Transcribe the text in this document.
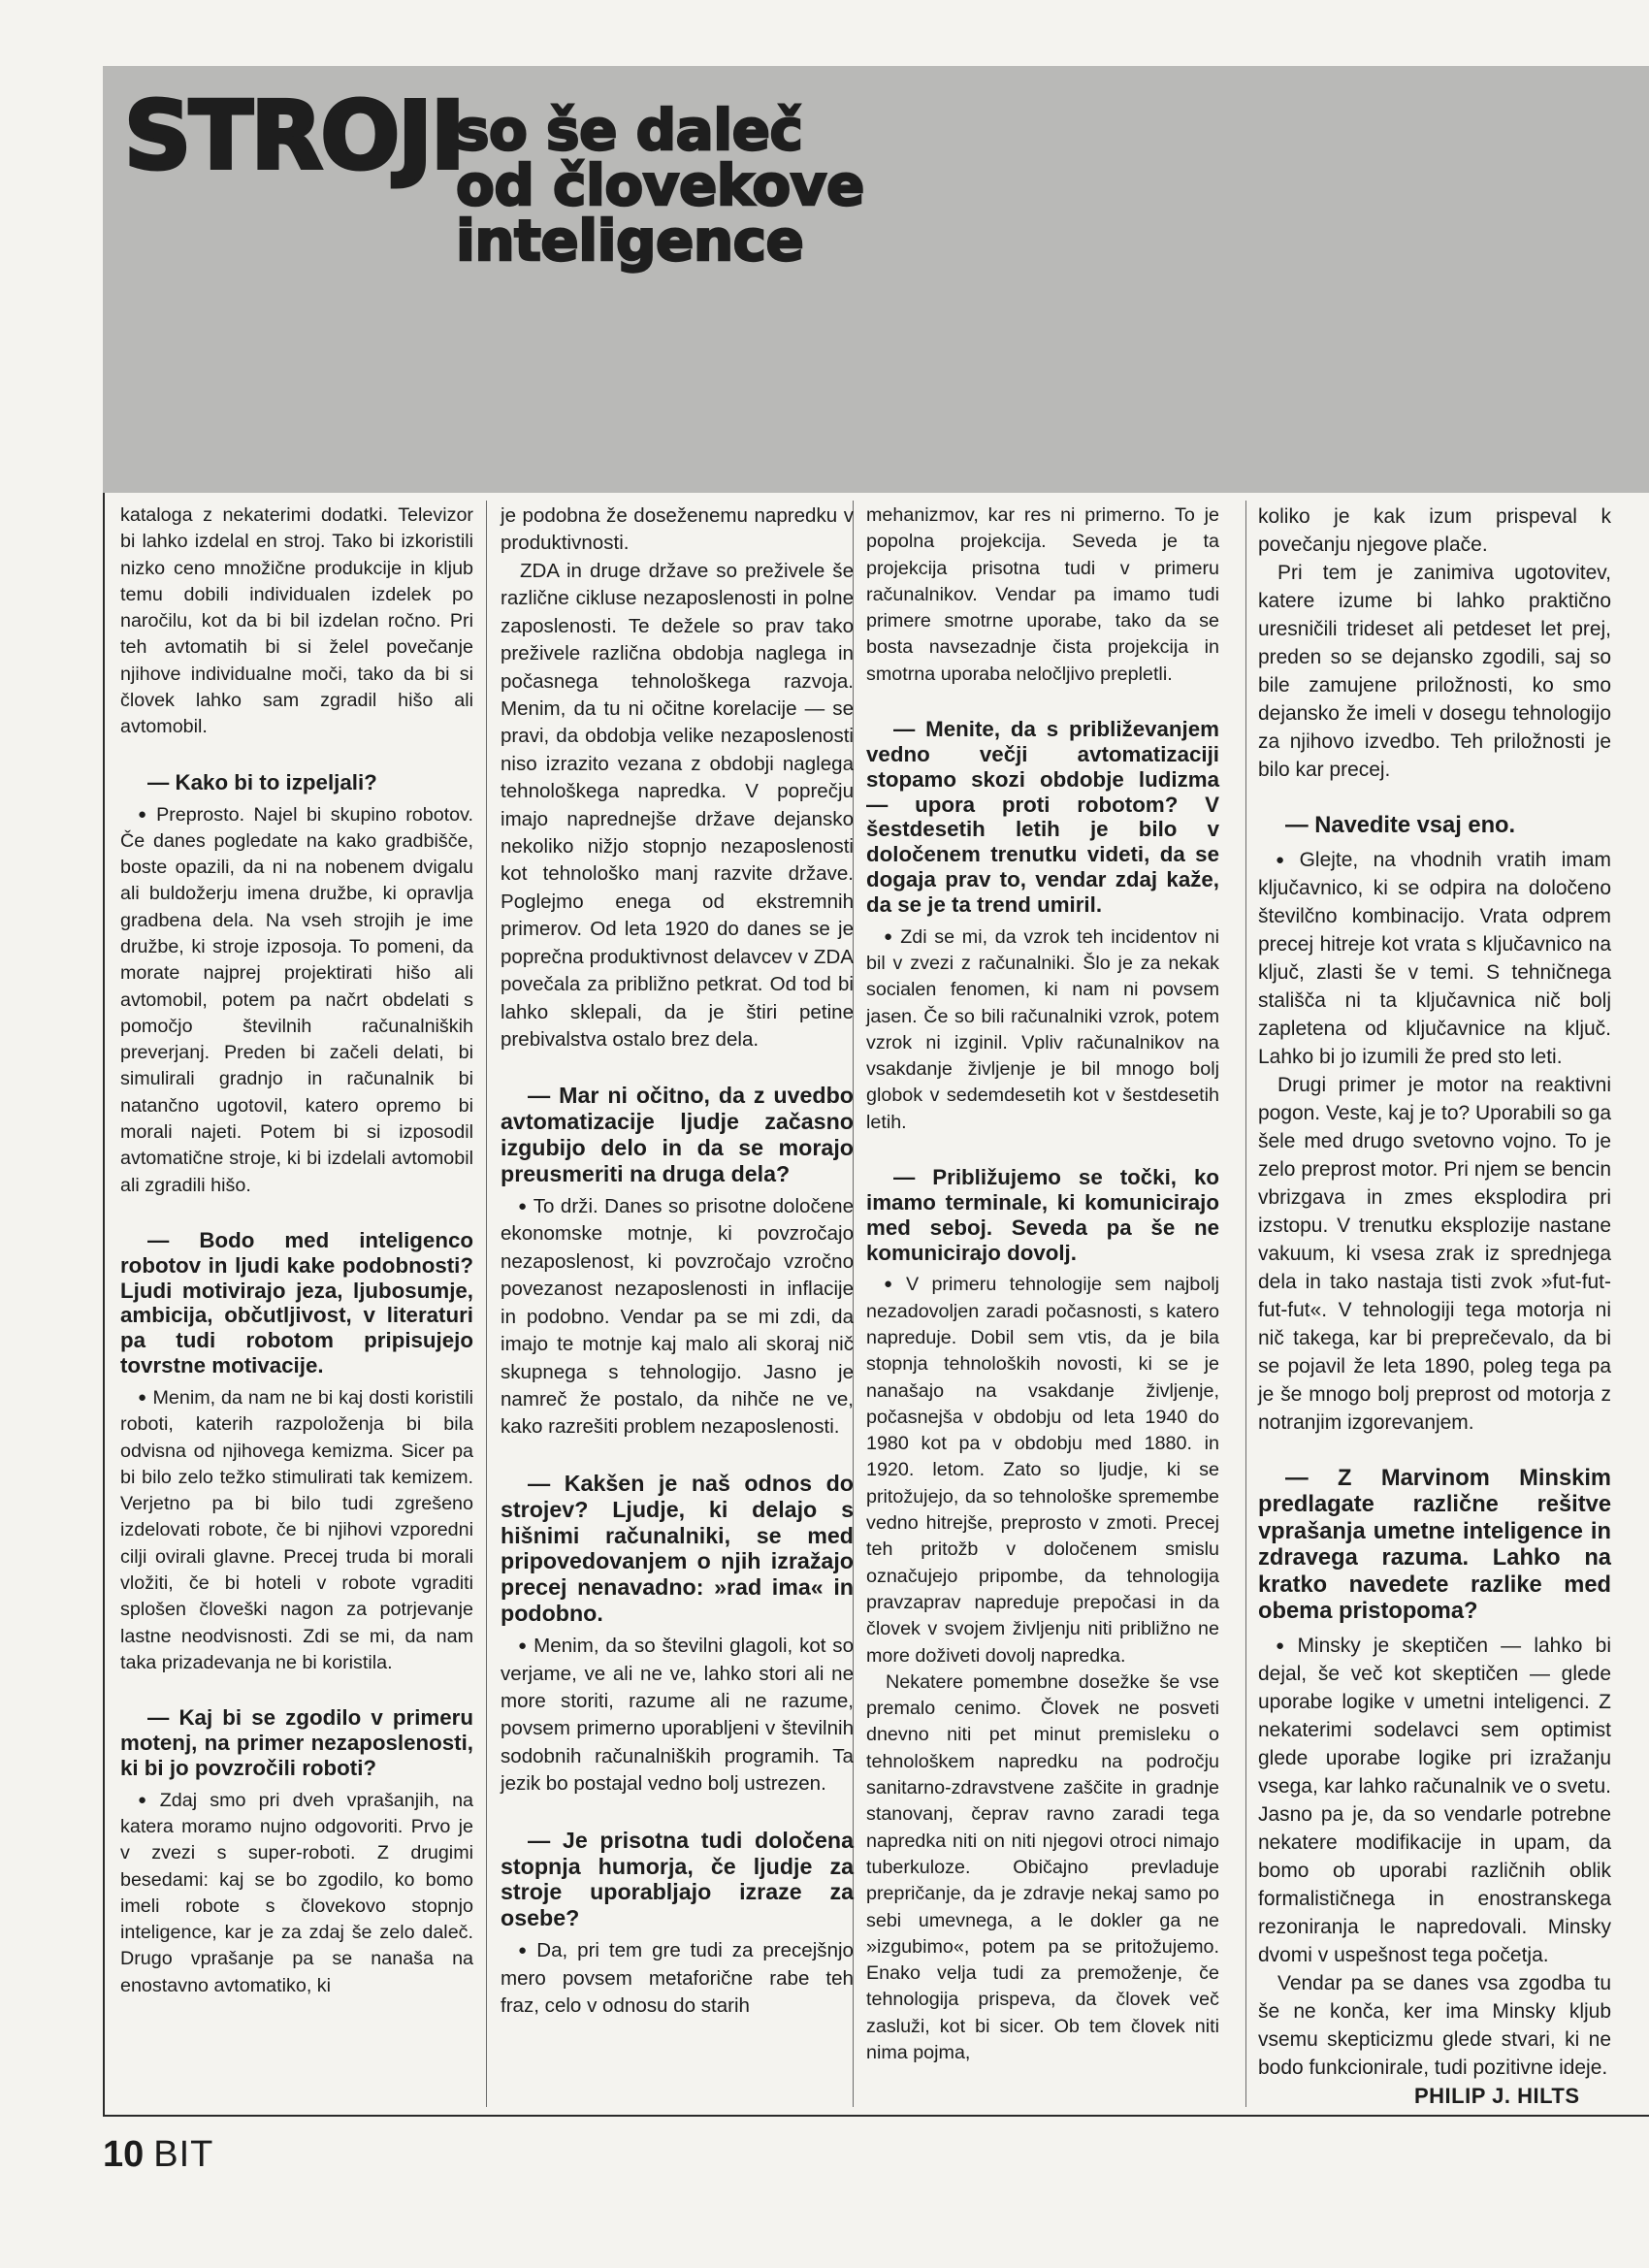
STROJI
so še daleč
od človekove
inteligence

kataloga z nekaterimi dodatki. Televizor bi lahko izdelal en stroj. Tako bi izkoristili nizko ceno množične produkcije in kljub temu dobili individualen izdelek po naročilu, kot da bi bil izdelan ročno. Pri teh avtomatih bi si želel povečanje njihove individualne moči, tako da bi si človek lahko sam zgradil hišo ali avtomobil.

— Kako bi to izpeljali?

● Preprosto. Najel bi skupino robotov. Če danes pogledate na kako gradbišče, boste opazili, da ni na nobenem dvigalu ali buldožerju imena družbe, ki opravlja gradbena dela. Na vseh strojih je ime družbe, ki stroje izposoja. To pomeni, da morate najprej projektirati hišo ali avtomobil, potem pa načrt obdelati s pomočjo številnih računalniških preverjanj. Preden bi začeli delati, bi simulirali gradnjo in računalnik bi natančno ugotovil, katero opremo bi morali najeti. Potem bi si izposodil avtomatične stroje, ki bi izdelali avtomobil ali zgradili hišo.

— Bodo med inteligenco robotov in ljudi kake podobnosti? Ljudi motivirajo jeza, ljubosumje, ambicija, občutljivost, v literaturi pa tudi robotom pripisujejo tovrstne motivacije.

● Menim, da nam ne bi kaj dosti koristili roboti, katerih razpoloženja bi bila odvisna od njihovega kemizma. Sicer pa bi bilo zelo težko stimulirati tak kemizem. Verjetno pa bi bilo tudi zgrešeno izdelovati robote, če bi njihovi vzporedni cilji ovirali glavne. Precej truda bi morali vložiti, če bi hoteli v robote vgraditi splošen človeški nagon za potrjevanje lastne neodvisnosti. Zdi se mi, da nam taka prizadevanja ne bi koristila.

— Kaj bi se zgodilo v primeru motenj, na primer nezaposlenosti, ki bi jo povzročili roboti?

● Zdaj smo pri dveh vprašanjih, na katera moramo nujno odgovoriti. Prvo je v zvezi s super-roboti. Z drugimi besedami: kaj se bo zgodilo, ko bomo imeli robote s človekovo stopnjo inteligence, kar je za zdaj še zelo daleč. Drugo vprašanje pa se nanaša na enostavno avtomatiko, ki

je podobna že doseženemu napredku v produktivnosti.

ZDA in druge države so preživele še različne cikluse nezaposlenosti in polne zaposlenosti. Te dežele so prav tako preživele različna obdobja naglega in počasnega tehnološkega razvoja. Menim, da tu ni očitne korelacije — se pravi, da obdobja velike nezaposlenosti niso izrazito vezana z obdobji naglega tehnološkega napredka. V poprečju imajo naprednejše države dejansko nekoliko nižjo stopnjo nezaposlenosti kot tehnološko manj razvite države. Poglejmo enega od ekstremnih primerov. Od leta 1920 do danes se je poprečna produktivnost delavcev v ZDA povečala za približno petkrat. Od tod bi lahko sklepali, da je štiri petine prebivalstva ostalo brez dela.

— Mar ni očitno, da z uvedbo avtomatizacije ljudje začasno izgubijo delo in da se morajo preusmeriti na druga dela?

● To drži. Danes so prisotne določene ekonomske motnje, ki povzročajo nezaposlenost, ki povzročajo vzročno povezanost nezaposlenosti in inflacije in podobno. Vendar pa se mi zdi, da imajo te motnje kaj malo ali skoraj nič skupnega s tehnologijo. Jasno je namreč že postalo, da nihče ne ve, kako razrešiti problem nezaposlenosti.

— Kakšen je naš odnos do strojev? Ljudje, ki delajo s hišnimi računalniki, se med pripovedovanjem o njih izražajo precej nenavadno: »rad ima« in podobno.

● Menim, da so številni glagoli, kot so verjame, ve ali ne ve, lahko stori ali ne more storiti, razume ali ne razume, povsem primerno uporabljeni v številnih sodobnih računalniških programih. Ta jezik bo postajal vedno bolj ustrezen.

— Je prisotna tudi določena stopnja humorja, če ljudje za stroje uporabljajo izraze za osebe?

● Da, pri tem gre tudi za precejšnjo mero povsem metaforične rabe teh fraz, celo v odnosu do starih

mehanizmov, kar res ni primerno. To je popolna projekcija. Seveda je ta projekcija prisotna tudi v primeru računalnikov. Vendar pa imamo tudi primere smotrne uporabe, tako da se bosta navsezadnje čista projekcija in smotrna uporaba neločljivo prepletli.

— Menite, da s približevanjem vedno večji avtomatizaciji stopamo skozi obdobje ludizma — upora proti robotom? V šestdesetih letih je bilo v določenem trenutku videti, da se dogaja prav to, vendar zdaj kaže, da se je ta trend umiril.

● Zdi se mi, da vzrok teh incidentov ni bil v zvezi z računalniki. Šlo je za nekak socialen fenomen, ki nam ni povsem jasen. Če so bili računalniki vzrok, potem vzrok ni izginil. Vpliv računalnikov na vsakdanje življenje je bil mnogo bolj globok v sedemdesetih kot v šestdesetih letih.

— Približujemo se točki, ko imamo terminale, ki komunicirajo med seboj. Seveda pa še ne komunicirajo dovolj.

● V primeru tehnologije sem najbolj nezadovoljen zaradi počasnosti, s katero napreduje. Dobil sem vtis, da je bila stopnja tehnoloških novosti, ki se je nanašajo na vsakdanje življenje, počasnejša v obdobju od leta 1940 do 1980 kot pa v obdobju med 1880. in 1920. letom. Zato so ljudje, ki se pritožujejo, da so tehnološke spremembe vedno hitrejše, preprosto v zmoti. Precej teh pritožb v določenem smislu označujejo pripombe, da tehnologija pravzaprav napreduje prepočasi in da človek v svojem življenju niti približno ne more doživeti dovolj napredka.

Nekatere pomembne dosežke še vse premalo cenimo. Človek ne posveti dnevno niti pet minut premisleku o tehnološkem napredku na področju sanitarno-zdravstvene zaščite in gradnje stanovanj, čeprav ravno zaradi tega napredka niti on niti njegovi otroci nimajo tuberkuloze. Običajno prevladuje prepričanje, da je zdravje nekaj samo po sebi umevnega, a le dokler ga ne »izgubimo«, potem pa se pritožujemo. Enako velja tudi za premoženje, če tehnologija prispeva, da človek več zasluži, kot bi sicer. Ob tem človek niti nima pojma,

koliko je kak izum prispeval k povečanju njegove plače.

Pri tem je zanimiva ugotovitev, katere izume bi lahko praktično uresničili trideset ali petdeset let prej, preden so se dejansko zgodili, saj so bile zamujene priložnosti, ko smo dejansko že imeli v dosegu tehnologijo za njihovo izvedbo. Teh priložnosti je bilo kar precej.

— Navedite vsaj eno.

● Glejte, na vhodnih vratih imam ključavnico, ki se odpira na določeno številčno kombinacijo. Vrata odprem precej hitreje kot vrata s ključavnico na ključ, zlasti še v temi. S tehničnega stališča ni ta ključavnica nič bolj zapletena od ključavnice na ključ. Lahko bi jo izumili že pred sto leti.

Drugi primer je motor na reaktivni pogon. Veste, kaj je to? Uporabili so ga šele med drugo svetovno vojno. To je zelo preprost motor. Pri njem se bencin vbrizgava in zmes eksplodira pri izstopu. V trenutku eksplozije nastane vakuum, ki vsesa zrak iz sprednjega dela in tako nastaja tisti zvok »fut-fut-fut-fut«. V tehnologiji tega motorja ni nič takega, kar bi preprečevalo, da bi se pojavil že leta 1890, poleg tega pa je še mnogo bolj preprost od motorja z notranjim izgorevanjem.

— Z Marvinom Minskim predlagate različne rešitve vprašanja umetne inteligence in zdravega razuma. Lahko na kratko navedete razlike med obema pristopoma?

● Minsky je skeptičen — lahko bi dejal, še več kot skeptičen — glede uporabe logike v umetni inteligenci. Z nekaterimi sodelavci sem optimist glede uporabe logike pri izražanju vsega, kar lahko računalnik ve o svetu. Jasno pa je, da so vendarle potrebne nekatere modifikacije in upam, da bomo ob uporabi različnih oblik formalističnega in enostranskega rezoniranja le napredovali. Minsky dvomi v uspešnost tega početja.

Vendar pa se danes vsa zgodba tu še ne konča, ker ima Minsky kljub vsemu skepticizmu glede stvari, ki ne bodo funkcionirale, tudi pozitivne ideje.

PHILIP J. HILTS

10 BIT
